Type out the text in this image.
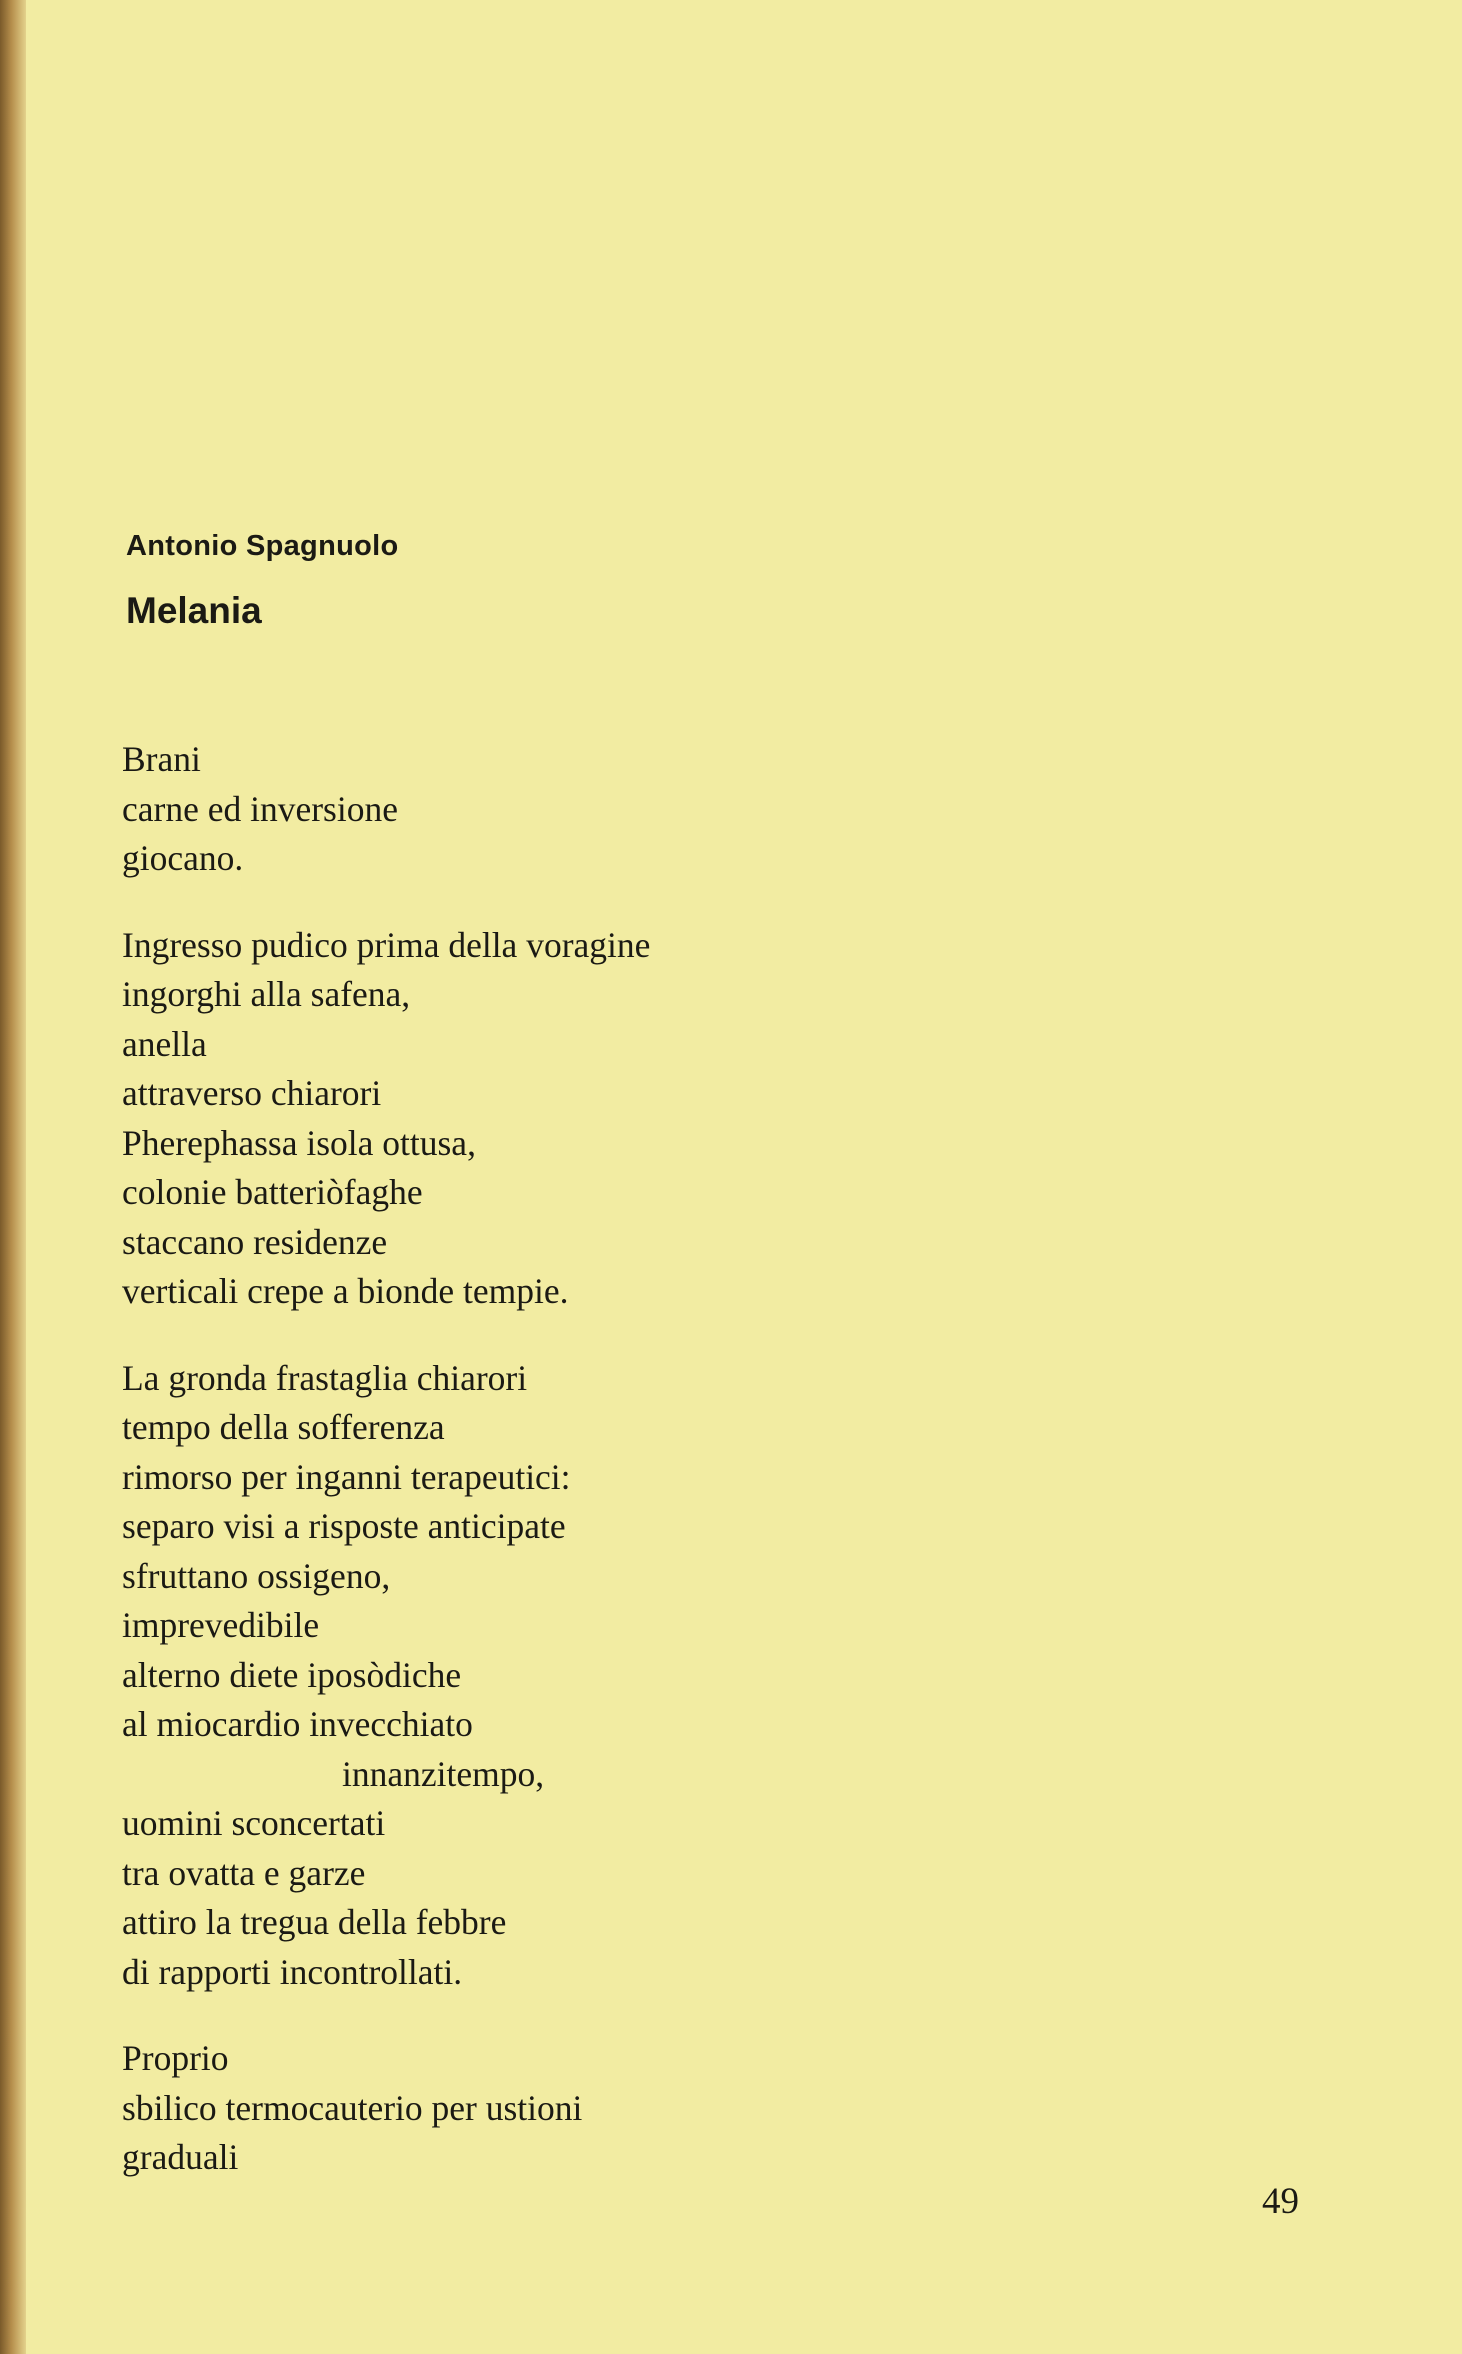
Antonio Spagnuolo
Melania
Brani
carne ed inversione
giocano.
Ingresso pudico prima della voragine
ingorghi alla safena,
anella
attraverso chiarori
Pherephassa isola ottusa,
colonie batteriòfaghe
staccano residenze
verticali crepe a bionde tempie.
La gronda frastaglia chiarori
tempo della sofferenza
rimorso per inganni terapeutici:
separo visi a risposte anticipate
sfruttano ossigeno,
imprevedibile
alterno diete iposòdiche
al miocardio invecchiato
innanzitempo,
uomini sconcertati
tra ovatta e garze
attiro la tregua della febbre
di rapporti incontrollati.
Proprio
sbilico termocauterio per ustioni
graduali
49
